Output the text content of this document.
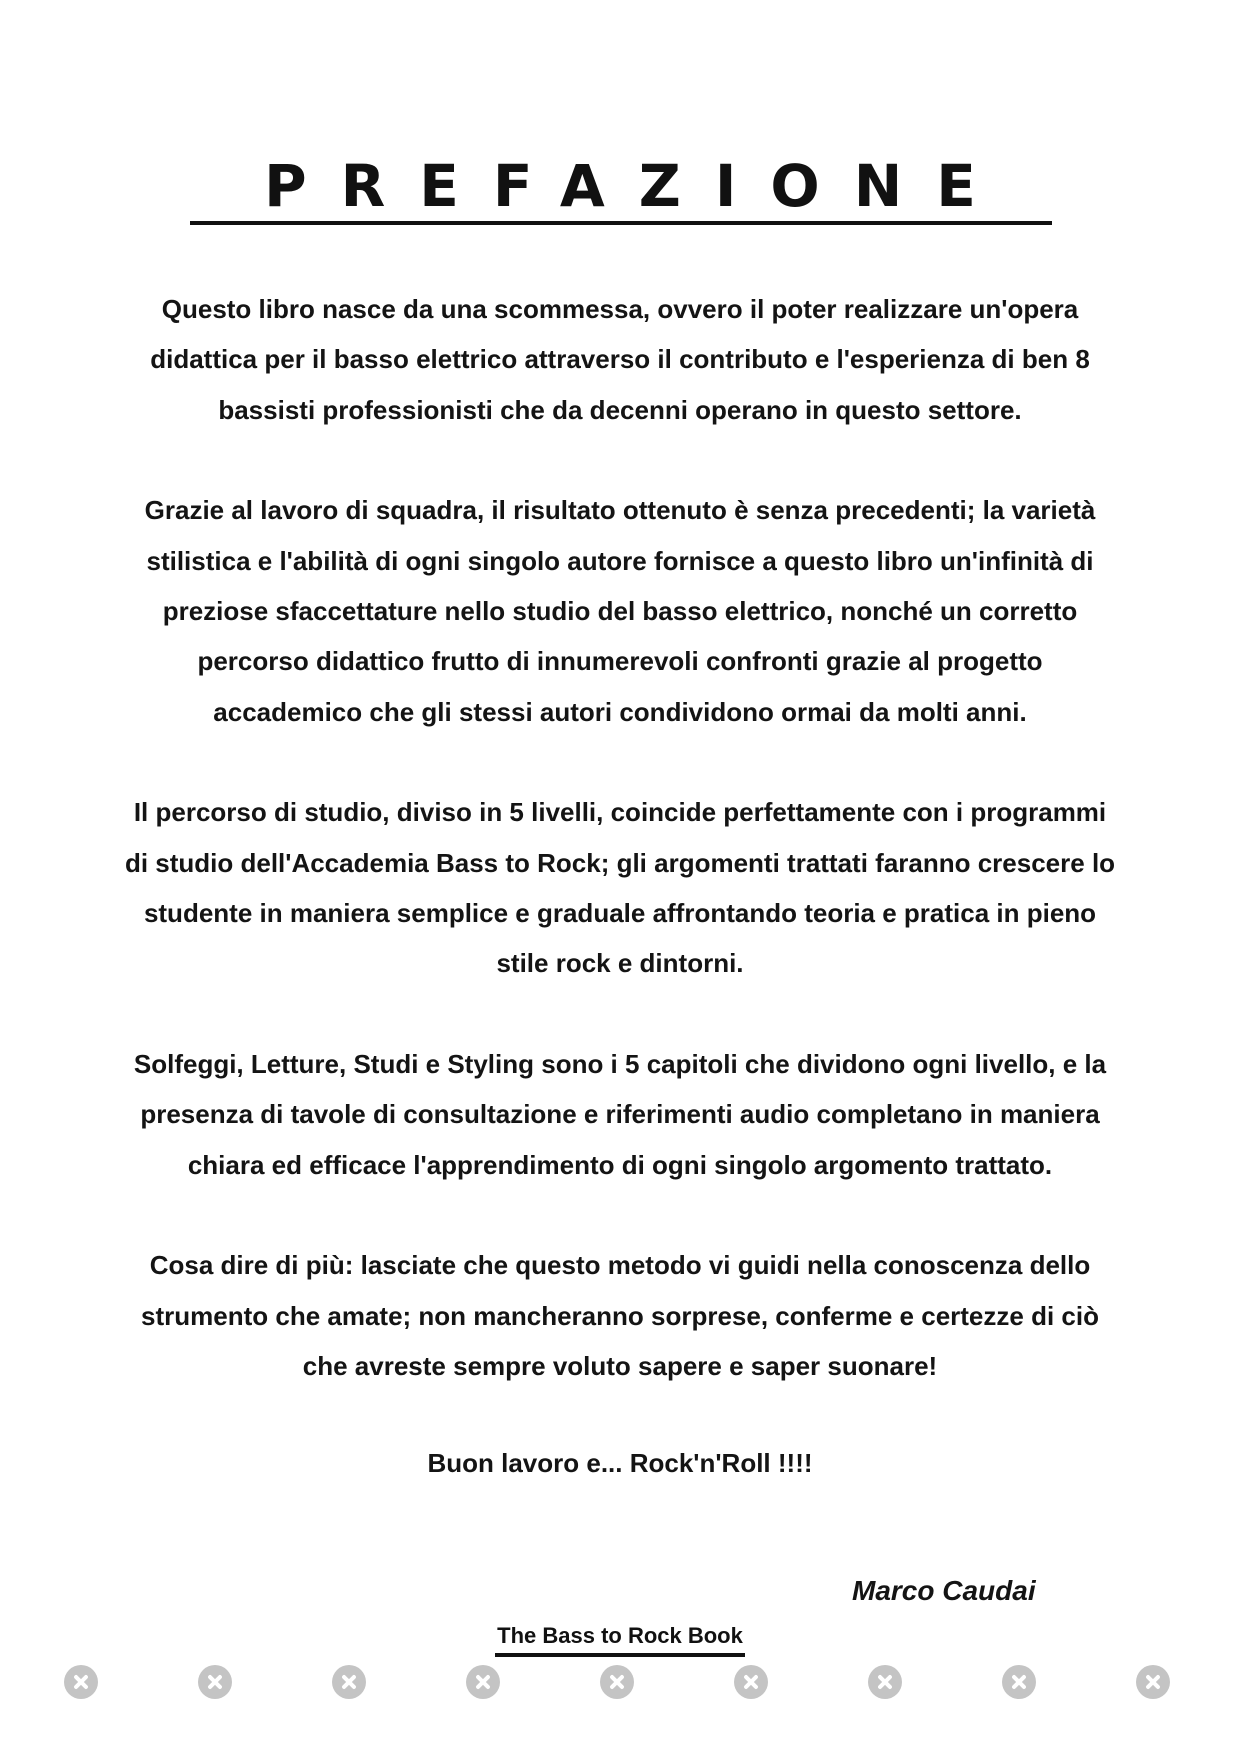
PREFAZIONE

Questo libro nasce da una scommessa, ovvero il poter realizzare un'opera
didattica per il basso elettrico attraverso il contributo e l'esperienza di ben 8
bassisti professionisti che da decenni operano in questo settore.

Grazie al lavoro di squadra, il risultato ottenuto è senza precedenti; la varietà
stilistica e l'abilità di ogni singolo autore fornisce a questo libro un'infinità di
preziose sfaccettature nello studio del basso elettrico, nonché un corretto
percorso didattico frutto di innumerevoli confronti grazie al progetto
accademico che gli stessi autori condividono ormai da molti anni.

Il percorso di studio, diviso in 5 livelli, coincide perfettamente con i programmi
di studio dell'Accademia Bass to Rock; gli argomenti trattati faranno crescere lo
studente in maniera semplice e graduale affrontando teoria e pratica in pieno
stile rock e dintorni.

Solfeggi, Letture, Studi e Styling sono i 5 capitoli che dividono ogni livello, e la
presenza di tavole di consultazione e riferimenti audio completano in maniera
chiara ed efficace l'apprendimento di ogni singolo argomento trattato.

Cosa dire di più: lasciate che questo metodo vi guidi nella conoscenza dello
strumento che amate; non mancheranno sorprese, conferme e certezze di ciò
che avreste sempre voluto sapere e saper suonare!

Buon lavoro e... Rock'n'Roll !!!!
Marco Caudai
The Bass to Rock Book
